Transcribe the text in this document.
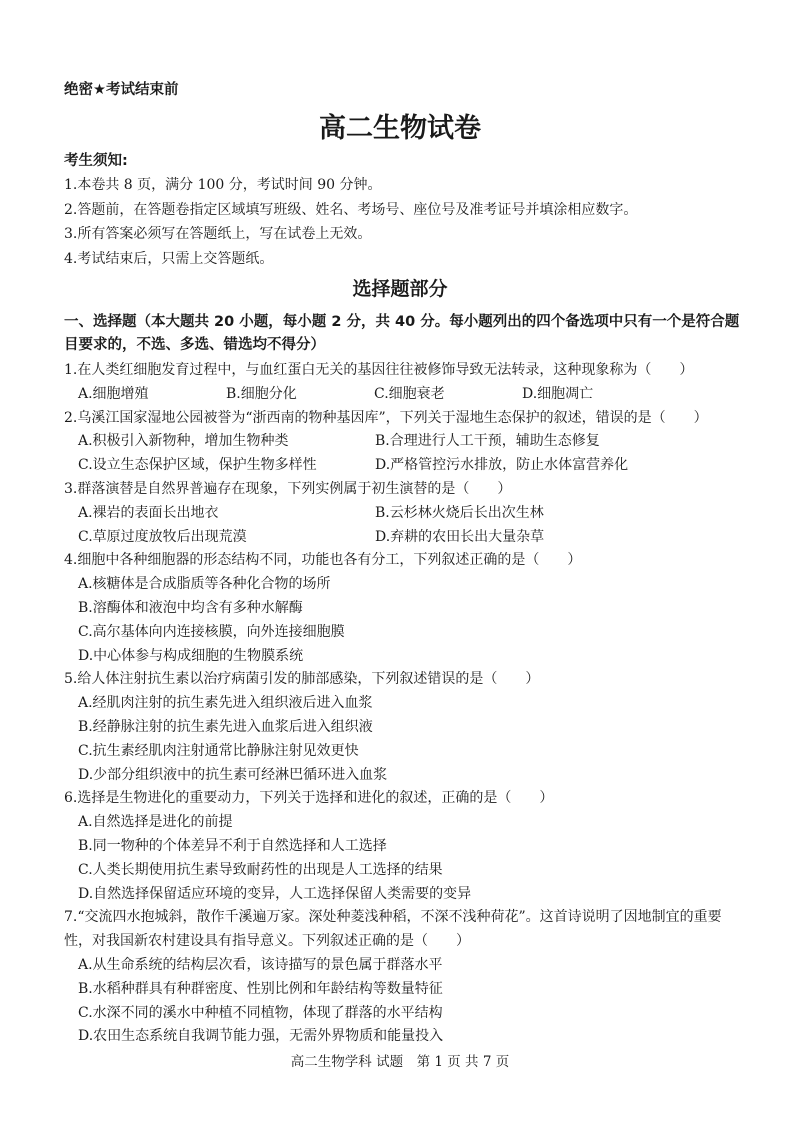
绝密★考试结束前
高二生物试卷
考生须知:
1.本卷共 8 页，满分 100 分，考试时间 90 分钟。
2.答题前，在答题卷指定区域填写班级、姓名、考场号、座位号及准考证号并填涂相应数字。
3.所有答案必须写在答题纸上，写在试卷上无效。
4.考试结束后，只需上交答题纸。
选择题部分
一、选择题（本大题共 20 小题，每小题 2 分，共 40 分。每小题列出的四个备选项中只有一个是符合题目要求的，不选、多选、错选均不得分）
1.在人类红细胞发育过程中，与血红蛋白无关的基因往往被修饰导致无法转录，这种现象称为（　　）
A.细胞增殖	B.细胞分化	C.细胞衰老	D.细胞凋亡
2.乌溪江国家湿地公园被誉为“浙西南的物种基因库”，下列关于湿地生态保护的叙述，错误的是（　　）
A.积极引入新物种，增加生物种类	B.合理进行人工干预，辅助生态修复
C.设立生态保护区域，保护生物多样性	D.严格管控污水排放，防止水体富营养化
3.群落演替是自然界普遍存在现象，下列实例属于初生演替的是（　　）
A.裸岩的表面长出地衣	B.云杉林火烧后长出次生林
C.草原过度放牧后出现荒漠	D.弃耕的农田长出大量杂草
4.细胞中各种细胞器的形态结构不同，功能也各有分工，下列叙述正确的是（　　）
A.核糖体是合成脂质等各种化合物的场所
B.溶酶体和液泡中均含有多种水解酶
C.高尔基体向内连接核膜，向外连接细胞膜
D.中心体参与构成细胞的生物膜系统
5.给人体注射抗生素以治疗病菌引发的肺部感染，下列叙述错误的是（　　）
A.经肌肉注射的抗生素先进入组织液后进入血浆
B.经静脉注射的抗生素先进入血浆后进入组织液
C.抗生素经肌肉注射通常比静脉注射见效更快
D.少部分组织液中的抗生素可经淋巴循环进入血浆
6.选择是生物进化的重要动力，下列关于选择和进化的叙述，正确的是（　　）
A.自然选择是进化的前提
B.同一物种的个体差异不利于自然选择和人工选择
C.人类长期使用抗生素导致耐药性的出现是人工选择的结果
D.自然选择保留适应环境的变异，人工选择保留人类需要的变异
7.“交流四水抱城斜，散作千溪遍万家。深处种菱浅种稻，不深不浅种荷花”。这首诗说明了因地制宜的重要性，对我国新农村建设具有指导意义。下列叙述正确的是（　　）
A.从生命系统的结构层次看，该诗描写的景色属于群落水平
B.水稻种群具有种群密度、性别比例和年龄结构等数量特征
C.水深不同的溪水中种植不同植物，体现了群落的水平结构
D.农田生态系统自我调节能力强，无需外界物质和能量投入
高二生物学科 试题　第 1 页 共 7 页
